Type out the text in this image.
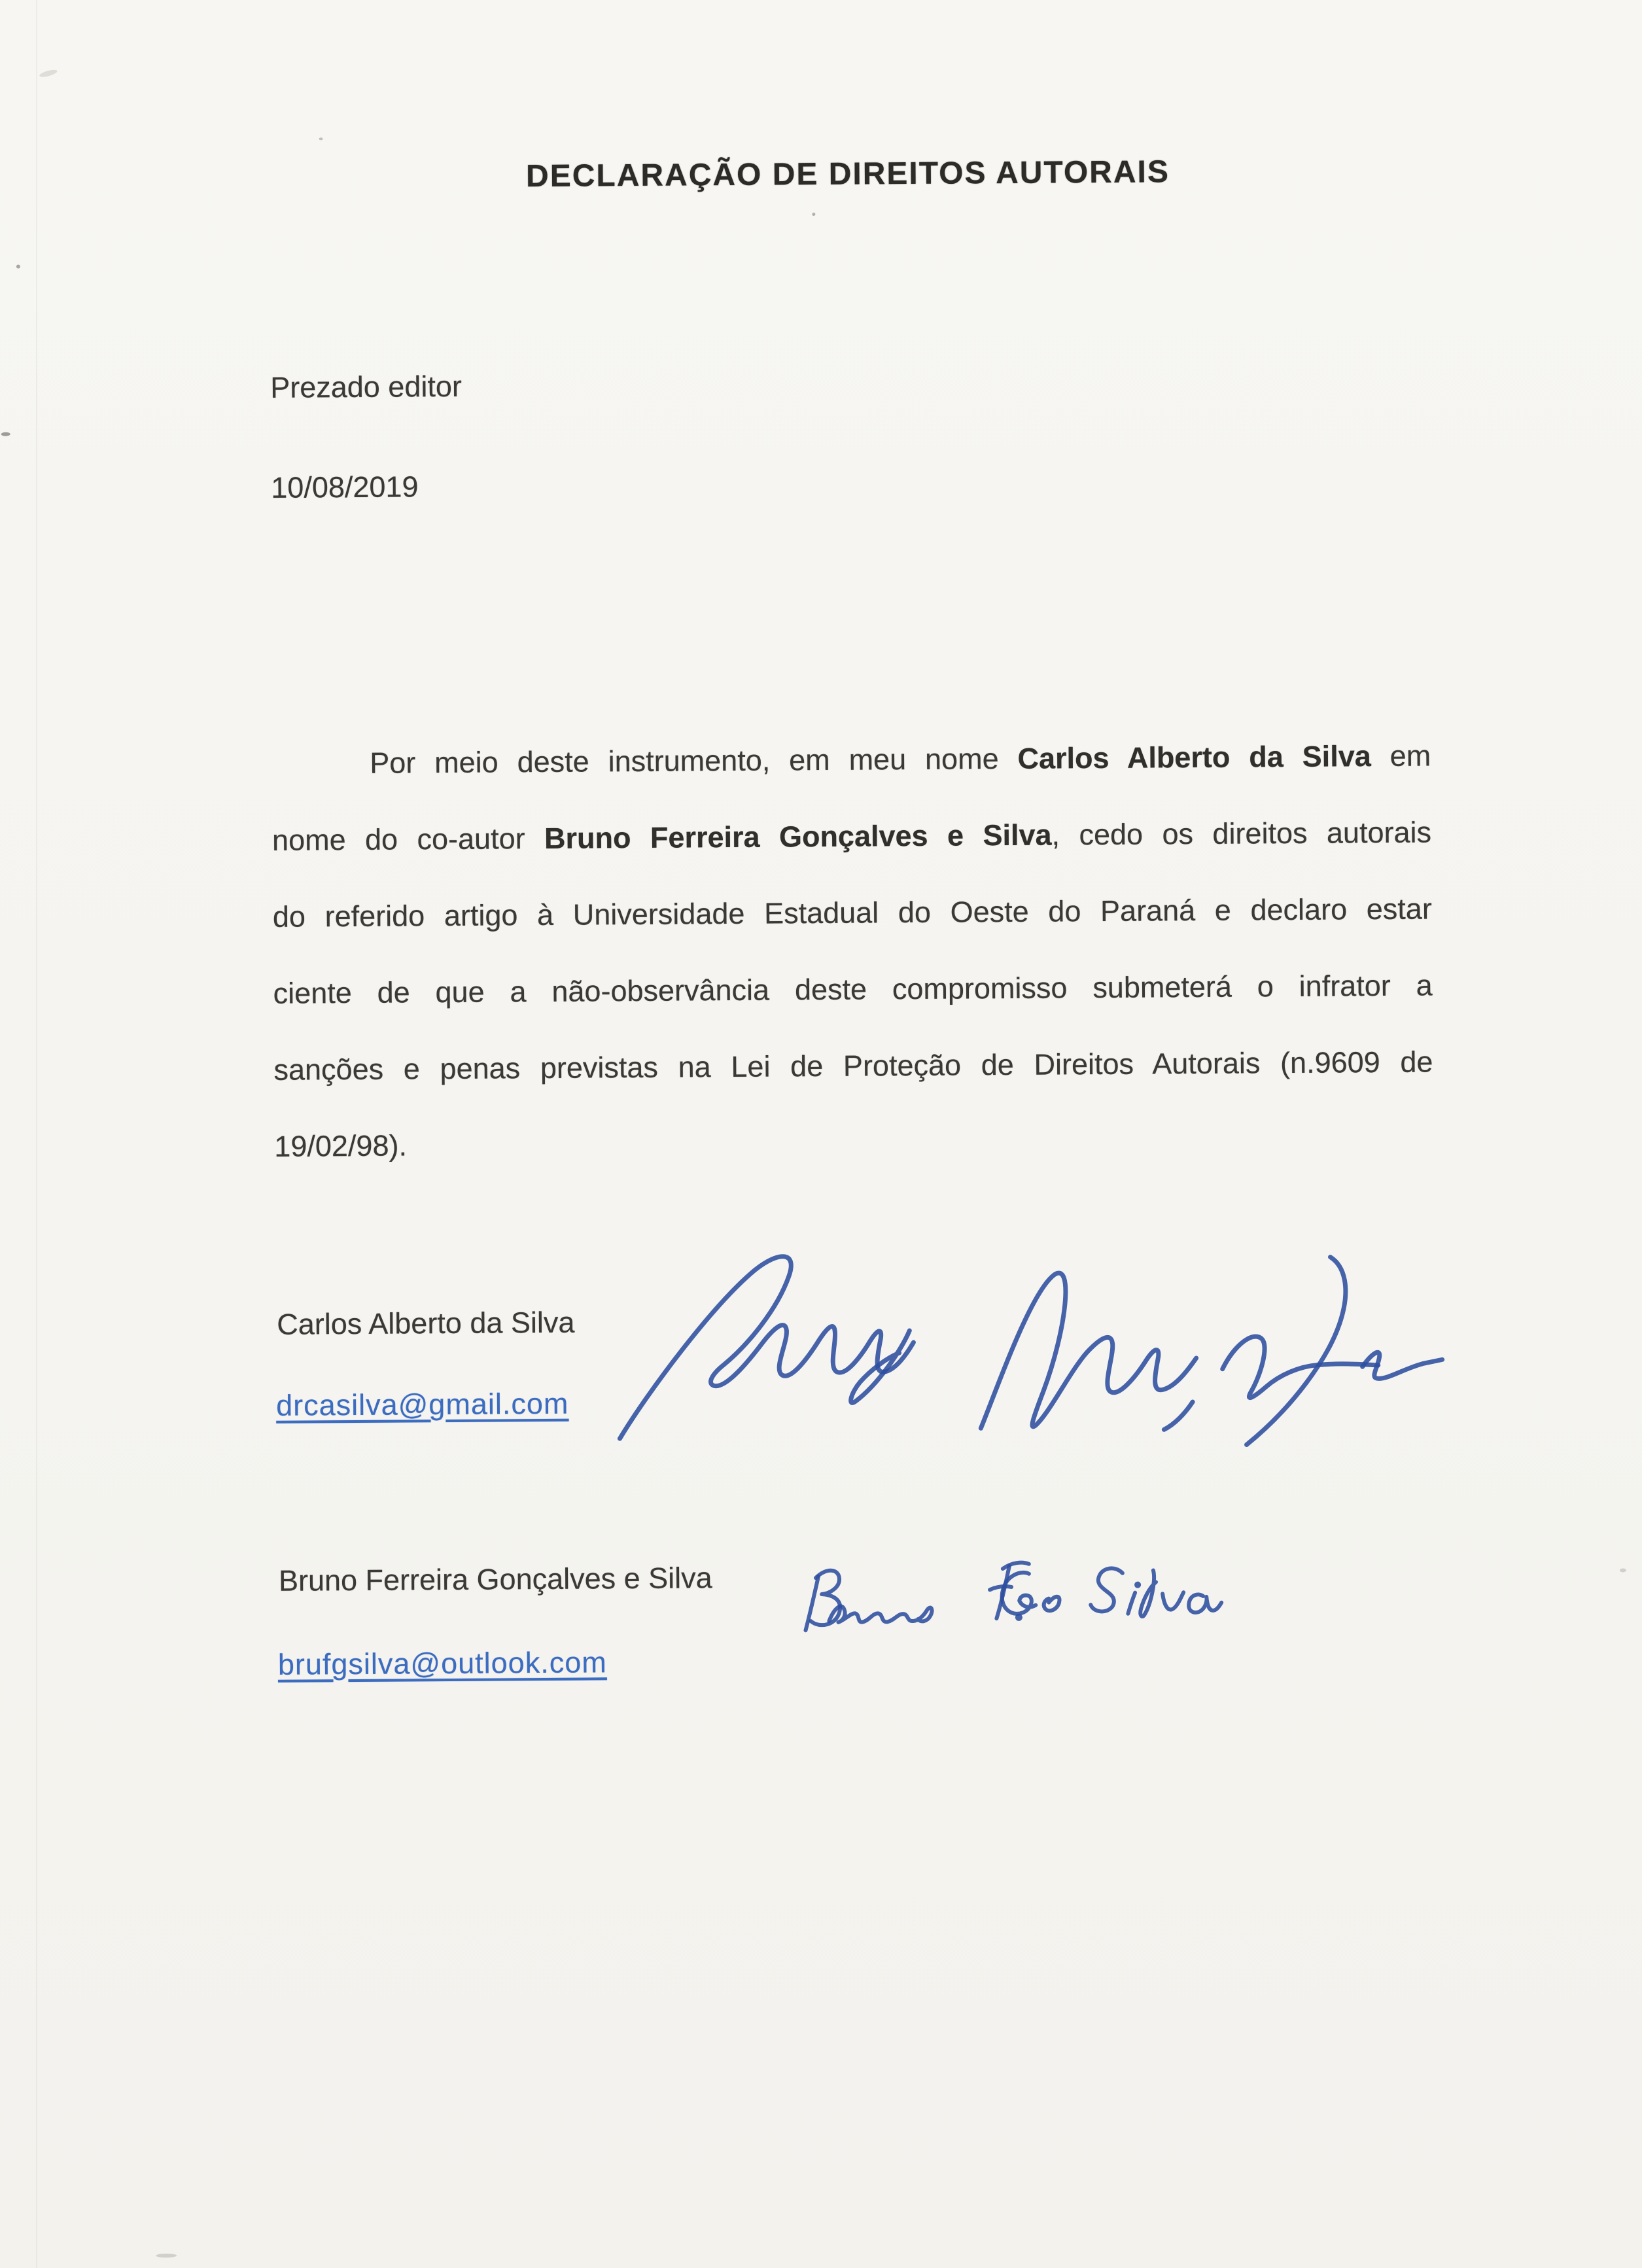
DECLARAÇÃO DE DIREITOS AUTORAIS
Prezado editor
10/08/2019
Por meio deste instrumento, em meu nome Carlos Alberto da Silva em
nome do co-autor Bruno Ferreira Gonçalves e Silva, cedo os direitos autorais
do referido artigo à Universidade Estadual do Oeste do Paraná e declaro estar
ciente de que a não-observância deste compromisso submeterá o infrator a
sanções e penas previstas na Lei de Proteção de Direitos Autorais (n.9609 de
19/02/98).
Carlos Alberto da Silva
drcasilva@gmail.com
Bruno Ferreira Gonçalves e Silva
brufgsilva@outlook.com
